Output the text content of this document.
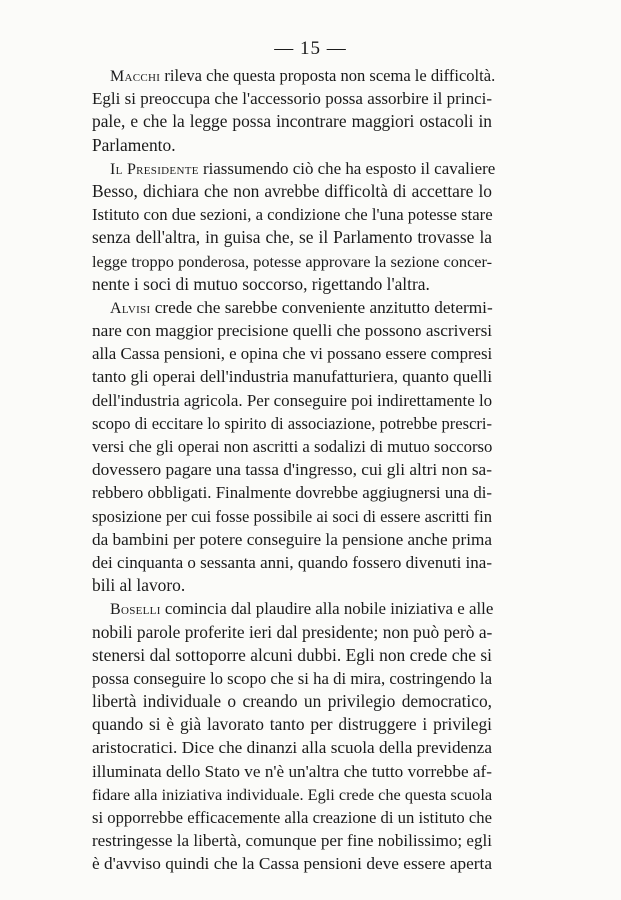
— 15 —
Macchi rileva che questa proposta non scema le difficoltà.
Egli si preoccupa che l'accessorio possa assorbire il princi-
pale, e che la legge possa incontrare maggiori ostacoli in
Parlamento.
Il Presidente riassumendo ciò che ha esposto il cavaliere
Besso, dichiara che non avrebbe difficoltà di accettare lo
Istituto con due sezioni, a condizione che l'una potesse stare
senza dell'altra, in guisa che, se il Parlamento trovasse la
legge troppo ponderosa, potesse approvare la sezione concer-
nente i soci di mutuo soccorso, rigettando l'altra.
Alvisi crede che sarebbe conveniente anzitutto determi-
nare con maggior precisione quelli che possono ascriversi
alla Cassa pensioni, e opina che vi possano essere compresi
tanto gli operai dell'industria manufatturiera, quanto quelli
dell'industria agricola. Per conseguire poi indirettamente lo
scopo di eccitare lo spirito di associazione, potrebbe prescri-
versi che gli operai non ascritti a sodalizi di mutuo soccorso
dovessero pagare una tassa d'ingresso, cui gli altri non sa-
rebbero obbligati. Finalmente dovrebbe aggiugnersi una di-
sposizione per cui fosse possibile ai soci di essere ascritti fin
da bambini per potere conseguire la pensione anche prima
dei cinquanta o sessanta anni, quando fossero divenuti ina-
bili al lavoro.
Boselli comincia dal plaudire alla nobile iniziativa e alle
nobili parole proferite ieri dal presidente; non può però a-
stenersi dal sottoporre alcuni dubbi. Egli non crede che si
possa conseguire lo scopo che si ha di mira, costringendo la
libertà individuale o creando un privilegio democratico,
quando si è già lavorato tanto per distruggere i privilegi
aristocratici. Dice che dinanzi alla scuola della previdenza
illuminata dello Stato ve n'è un'altra che tutto vorrebbe af-
fidare alla iniziativa individuale. Egli crede che questa scuola
si opporrebbe efficacemente alla creazione di un istituto che
restringesse la libertà, comunque per fine nobilissimo; egli
è d'avviso quindi che la Cassa pensioni deve essere aperta
